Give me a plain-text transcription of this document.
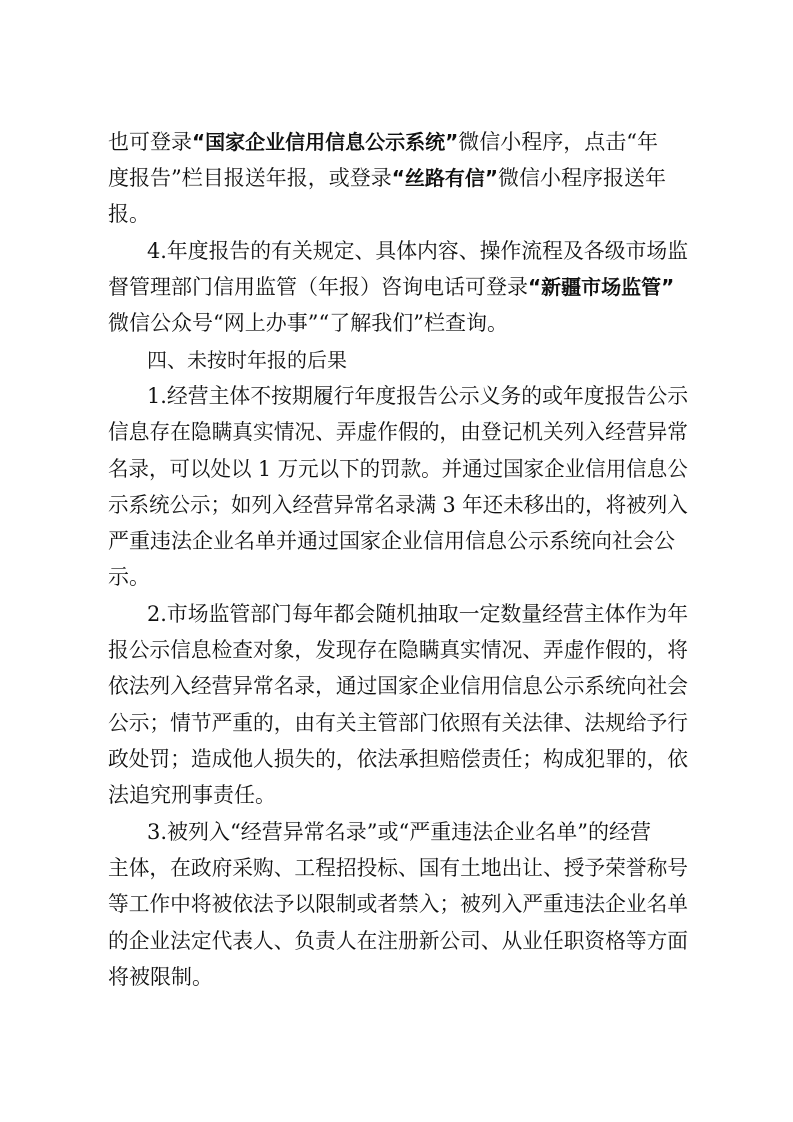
也可登录“国家企业信用信息公示系统”微信小程序，点击“年

度报告”栏目报送年报，或登录“丝路有信”微信小程序报送年

报。

4.年度报告的有关规定、具体内容、操作流程及各级市场监

督管理部门信用监管（年报）咨询电话可登录“新疆市场监管”

微信公众号“网上办事”“了解我们”栏查询。

四、未按时年报的后果

1.经营主体不按期履行年度报告公示义务的或年度报告公示

信息存在隐瞒真实情况、弄虚作假的，由登记机关列入经营异常

名录，可以处以 1 万元以下的罚款。并通过国家企业信用信息公

示系统公示；如列入经营异常名录满 3 年还未移出的，将被列入

严重违法企业名单并通过国家企业信用信息公示系统向社会公

示。

2.市场监管部门每年都会随机抽取一定数量经营主体作为年

报公示信息检查对象，发现存在隐瞒真实情况、弄虚作假的，将

依法列入经营异常名录，通过国家企业信用信息公示系统向社会

公示；情节严重的，由有关主管部门依照有关法律、法规给予行

政处罚；造成他人损失的，依法承担赔偿责任；构成犯罪的，依

法追究刑事责任。

3.被列入“经营异常名录”或“严重违法企业名单”的经营

主体，在政府采购、工程招投标、国有土地出让、授予荣誉称号

等工作中将被依法予以限制或者禁入；被列入严重违法企业名单

的企业法定代表人、负责人在注册新公司、从业任职资格等方面

将被限制。
